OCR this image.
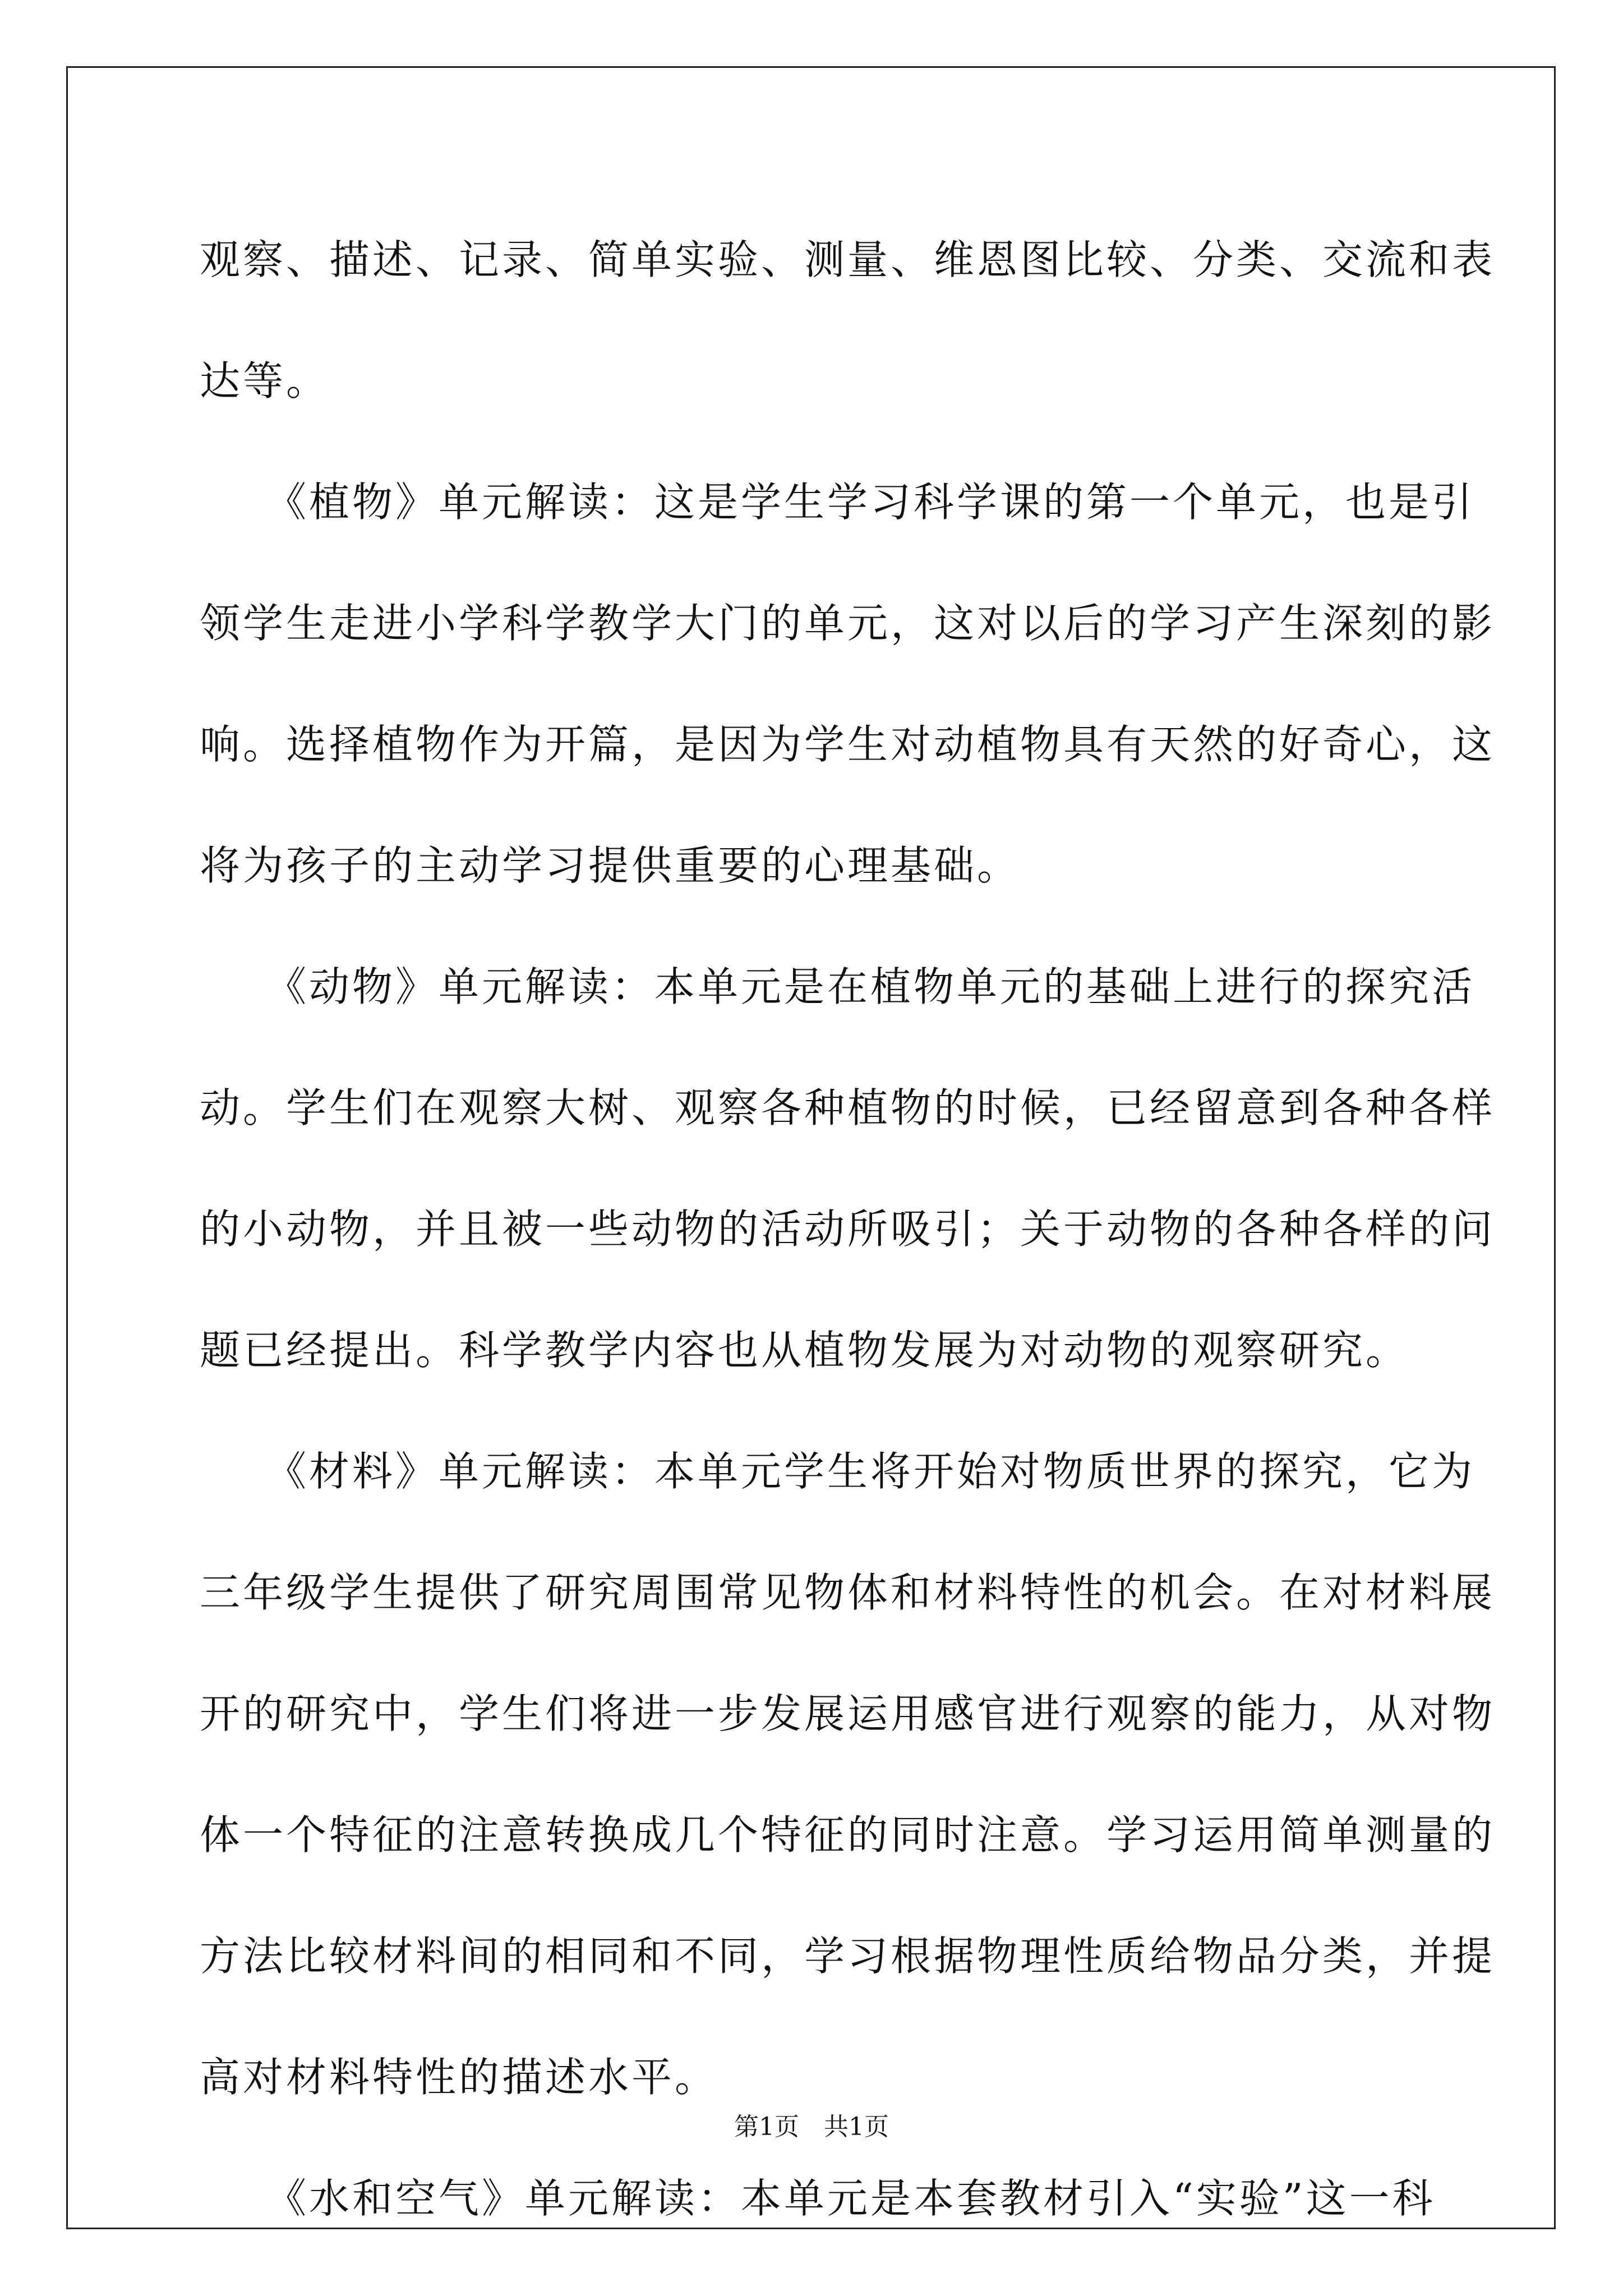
观察、描述、记录、简单实验、测量、维恩图比较、分类、交流和表
达等。
　　《植物》单元解读：这是学生学习科学课的第一个单元，也是引
领学生走进小学科学教学大门的单元，这对以后的学习产生深刻的影
响。选择植物作为开篇，是因为学生对动植物具有天然的好奇心，这
将为孩子的主动学习提供重要的心理基础。
　　《动物》单元解读：本单元是在植物单元的基础上进行的探究活
动。学生们在观察大树、观察各种植物的时候，已经留意到各种各样
的小动物，并且被一些动物的活动所吸引；关于动物的各种各样的问
题已经提出。科学教学内容也从植物发展为对动物的观察研究。
　　《材料》单元解读：本单元学生将开始对物质世界的探究，它为
三年级学生提供了研究周围常见物体和材料特性的机会。在对材料展
开的研究中，学生们将进一步发展运用感官进行观察的能力，从对物
体一个特征的注意转换成几个特征的同时注意。学习运用简单测量的
方法比较材料间的相同和不同，学习根据物理性质给物品分类，并提
高对材料特性的描述水平。
　　《水和空气》单元解读：本单元是本套教材引入“实验”这一科
第1页　共1页
